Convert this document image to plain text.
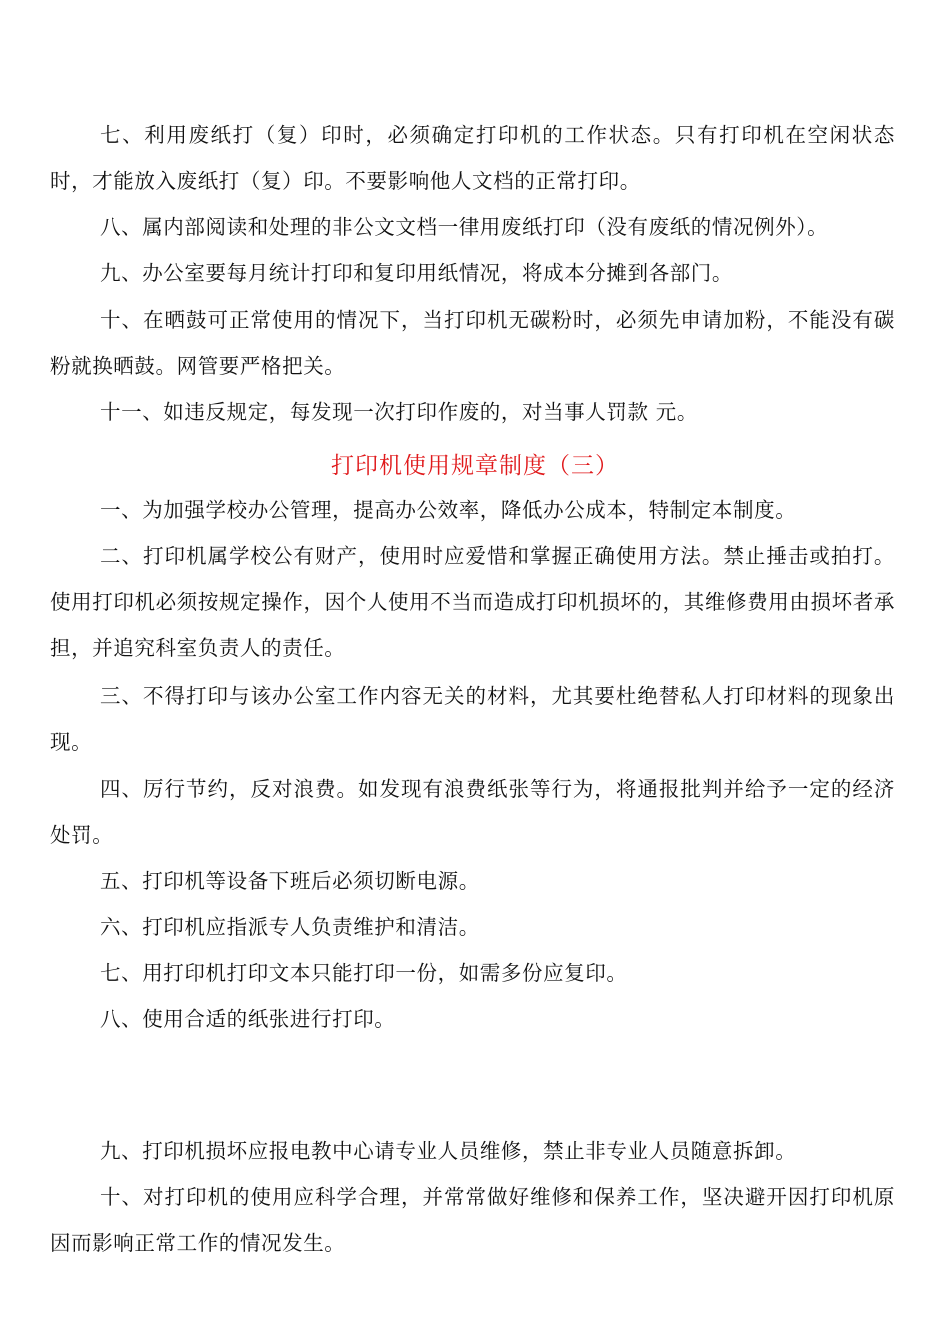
七、利用废纸打（复）印时，必须确定打印机的工作状态。只有打印机在空闲状态时，才能放入废纸打（复）印。不要影响他人文档的正常打印。

八、属内部阅读和处理的非公文文档一律用废纸打印（没有废纸的情况例外）。

九、办公室要每月统计打印和复印用纸情况，将成本分摊到各部门。

十、在晒鼓可正常使用的情况下，当打印机无碳粉时，必须先申请加粉，不能没有碳粉就换晒鼓。网管要严格把关。

十一、如违反规定，每发现一次打印作废的，对当事人罚款 元。

打印机使用规章制度（三）

一、为加强学校办公管理，提高办公效率，降低办公成本，特制定本制度。

二、打印机属学校公有财产，使用时应爱惜和掌握正确使用方法。禁止捶击或拍打。使用打印机必须按规定操作，因个人使用不当而造成打印机损坏的，其维修费用由损坏者承担，并追究科室负责人的责任。

三、不得打印与该办公室工作内容无关的材料，尤其要杜绝替私人打印材料的现象出现。

四、厉行节约，反对浪费。如发现有浪费纸张等行为，将通报批判并给予一定的经济处罚。

五、打印机等设备下班后必须切断电源。

六、打印机应指派专人负责维护和清洁。

七、用打印机打印文本只能打印一份，如需多份应复印。

八、使用合适的纸张进行打印。

九、打印机损坏应报电教中心请专业人员维修，禁止非专业人员随意拆卸。

十、对打印机的使用应科学合理，并常常做好维修和保养工作，坚决避开因打印机原因而影响正常工作的情况发生。
